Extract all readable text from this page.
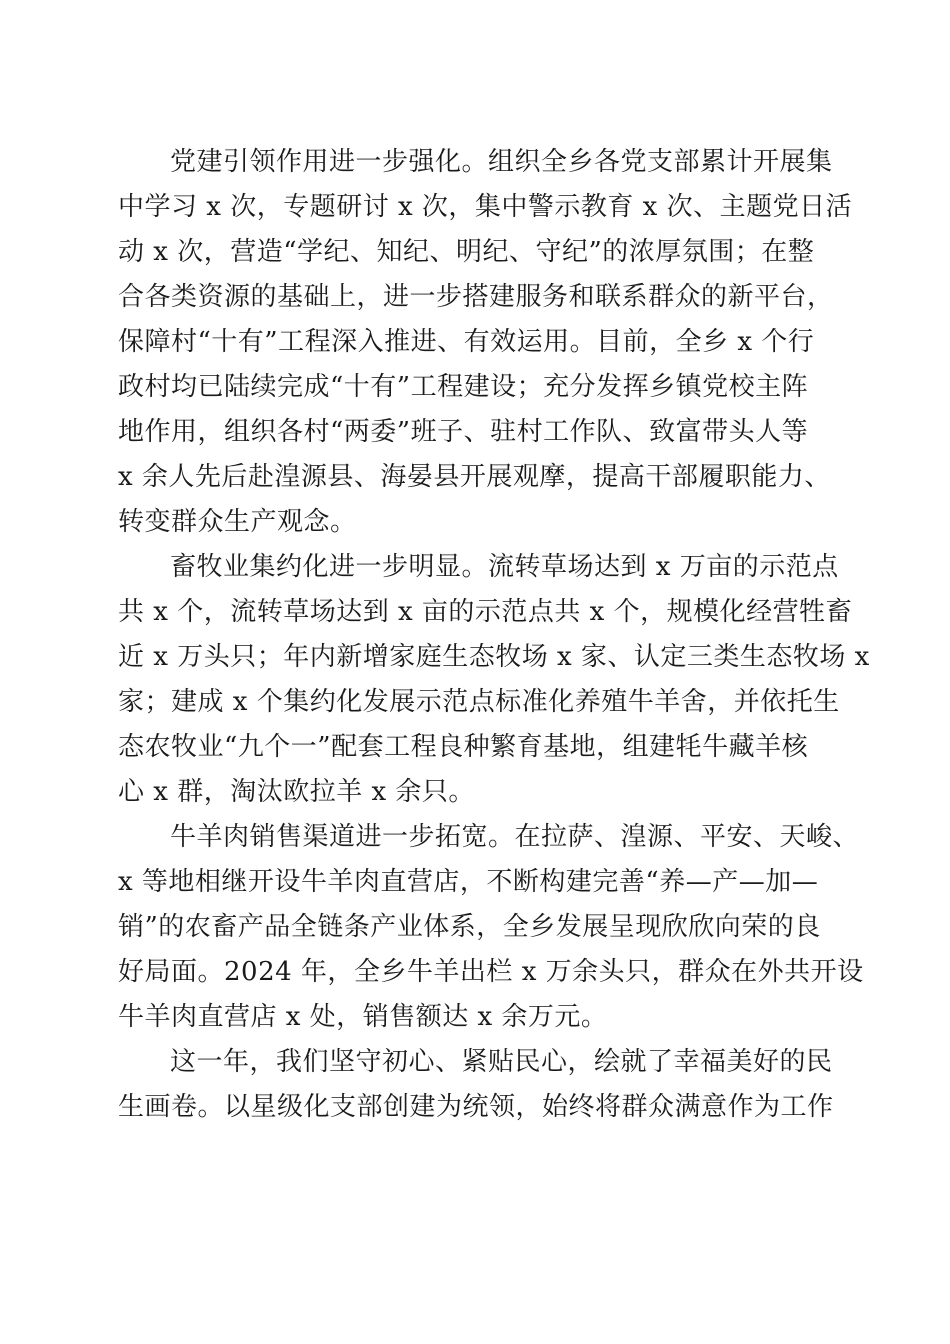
党建引领作用进一步强化。组织全乡各党支部累计开展集
中学习 x 次，专题研讨 x 次，集中警示教育 x 次、主题党日活
动 x 次，营造“学纪、知纪、明纪、守纪”的浓厚氛围；在整
合各类资源的基础上，进一步搭建服务和联系群众的新平台，
保障村“十有”工程深入推进、有效运用。目前，全乡 x 个行
政村均已陆续完成“十有”工程建设；充分发挥乡镇党校主阵
地作用，组织各村“两委”班子、驻村工作队、致富带头人等
x 余人先后赴湟源县、海晏县开展观摩，提高干部履职能力、
转变群众生产观念。
畜牧业集约化进一步明显。流转草场达到 x 万亩的示范点
共 x 个，流转草场达到 x 亩的示范点共 x 个，规模化经营牲畜
近 x 万头只；年内新增家庭生态牧场 x 家、认定三类生态牧场 x
家；建成 x 个集约化发展示范点标准化养殖牛羊舍，并依托生
态农牧业“九个一”配套工程良种繁育基地，组建牦牛藏羊核
心 x 群，淘汰欧拉羊 x 余只。
牛羊肉销售渠道进一步拓宽。在拉萨、湟源、平安、天峻、
x 等地相继开设牛羊肉直营店，不断构建完善“养—产—加—
销”的农畜产品全链条产业体系，全乡发展呈现欣欣向荣的良
好局面。2024 年，全乡牛羊出栏 x 万余头只，群众在外共开设
牛羊肉直营店 x 处，销售额达 x 余万元。
这一年，我们坚守初心、紧贴民心，绘就了幸福美好的民
生画卷。以星级化支部创建为统领，始终将群众满意作为工作
